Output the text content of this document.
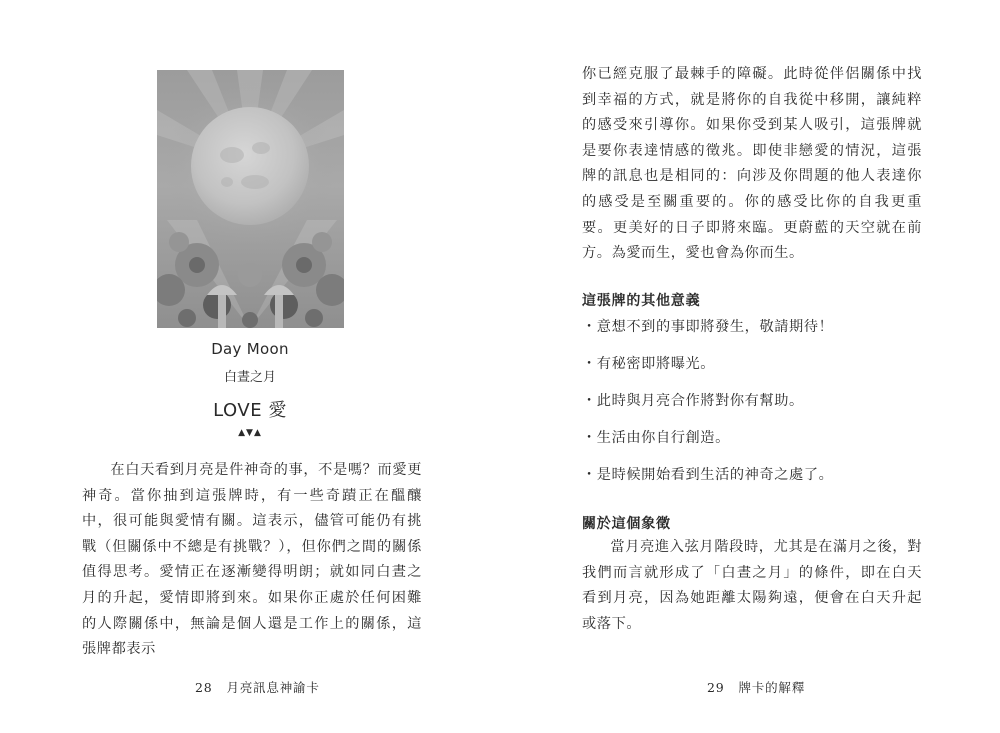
Day Moon
白晝之月
LOVE 愛
▲▼▲

在白天看到月亮是件神奇的事，不是嗎？而愛更神奇。當你抽到這張牌時，有一些奇蹟正在醞釀中，很可能與愛情有關。這表示，儘管可能仍有挑戰（但關係中不總是有挑戰？），但你們之間的關係值得思考。愛情正在逐漸變得明朗；就如同白晝之月的升起，愛情即將到來。如果你正處於任何困難的人際關係中，無論是個人還是工作上的關係，這張牌都表示

28 月亮訊息神諭卡

你已經克服了最棘手的障礙。此時從伴侶關係中找到幸福的方式，就是將你的自我從中移開，讓純粹的感受來引導你。如果你受到某人吸引，這張牌就是要你表達情感的徵兆。即使非戀愛的情況，這張牌的訊息也是相同的：向涉及你問題的他人表達你的感受是至關重要的。你的感受比你的自我更重要。更美好的日子即將來臨。更蔚藍的天空就在前方。為愛而生，愛也會為你而生。

這張牌的其他意義
・意想不到的事即將發生，敬請期待！
・有秘密即將曝光。
・此時與月亮合作將對你有幫助。
・生活由你自行創造。
・是時候開始看到生活的神奇之處了。
關於這個象徵

當月亮進入弦月階段時，尤其是在滿月之後，對我們而言就形成了「白晝之月」的條件，即在白天看到月亮，因為她距離太陽夠遠，便會在白天升起或落下。

29 牌卡的解釋
